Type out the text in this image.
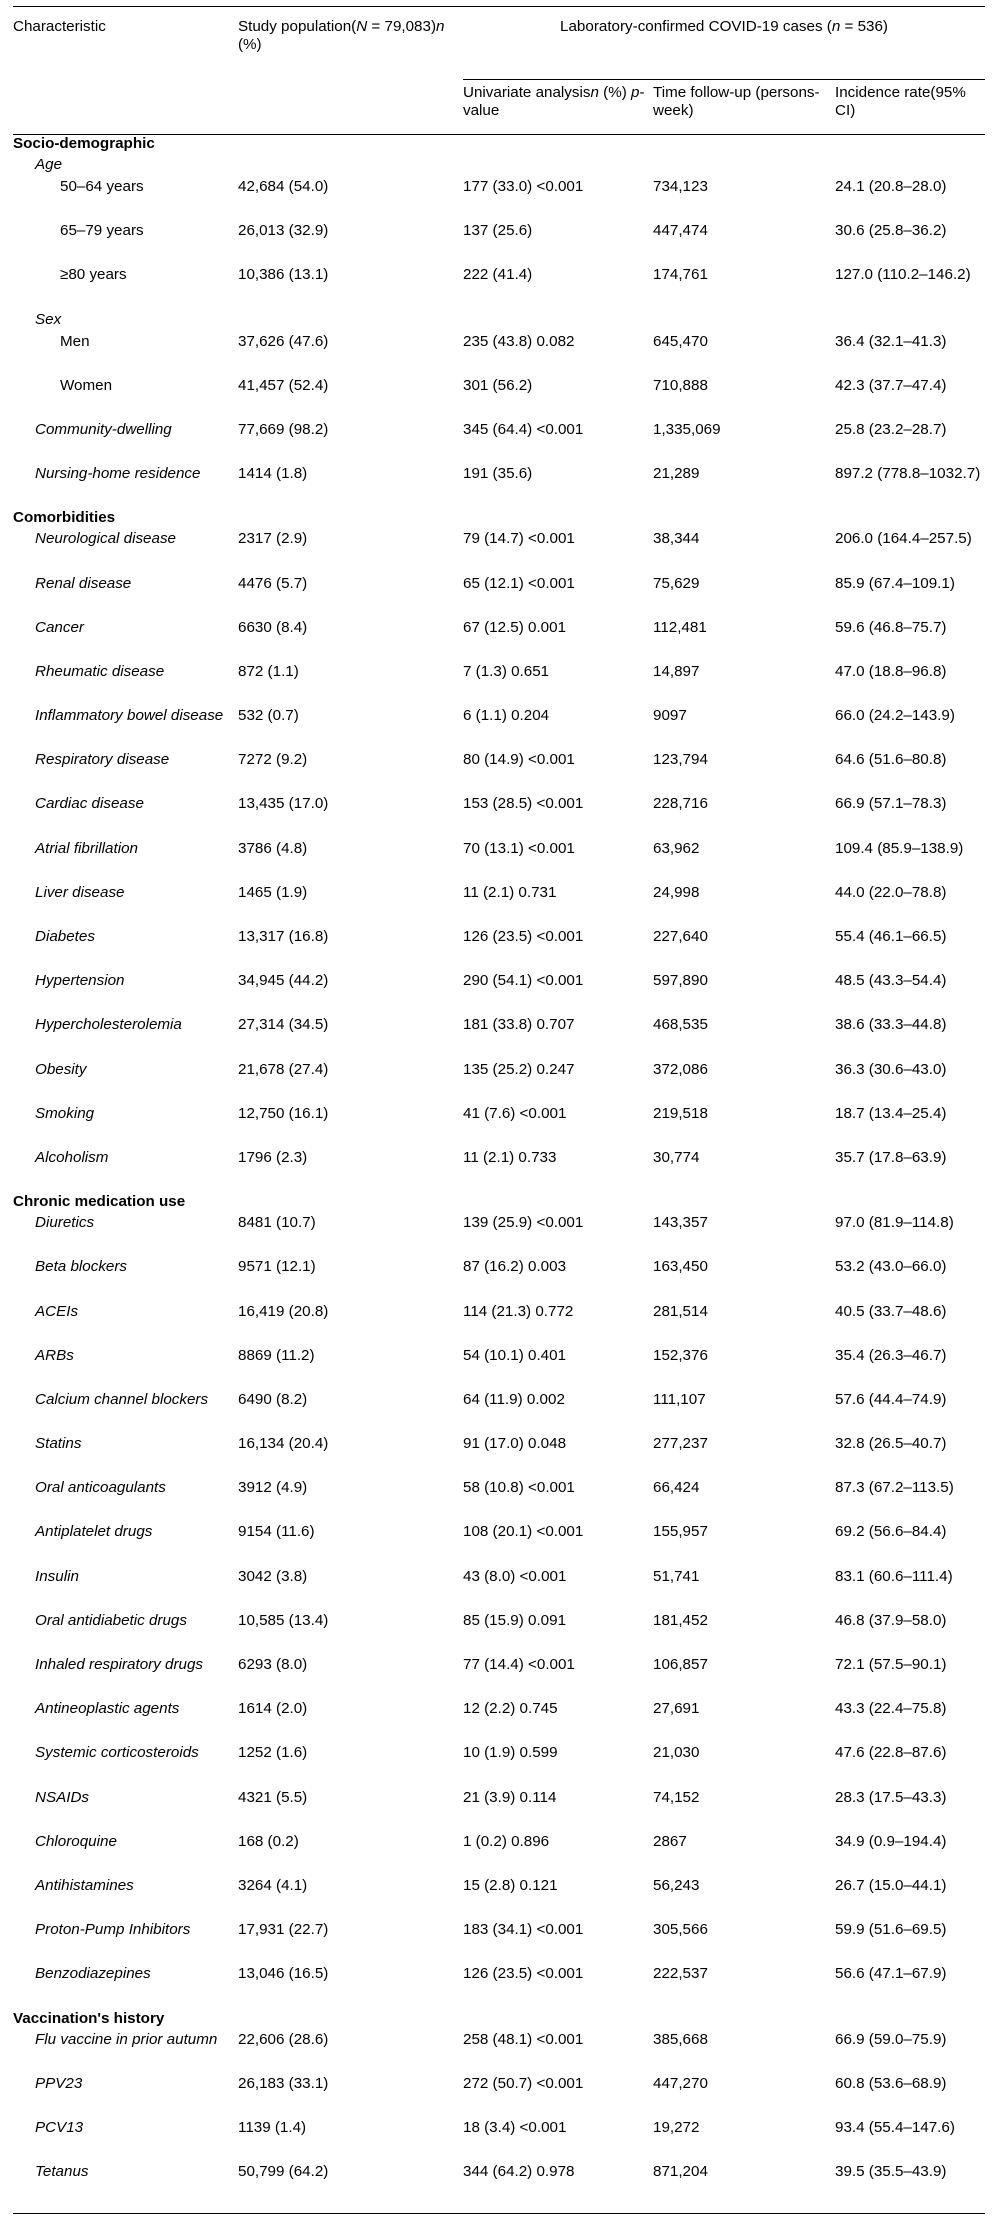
Characteristic	Study population(N = 79,083)n (%)	Laboratory-confirmed COVID-19 cases (n = 536)		
		Univariate analysisn (%) p-value	Time follow-up (persons-week)	Incidence rate(95% CI)
Socio-demographic				
Age				
50–64 years	42,684 (54.0)	177 (33.0) <0.001	734,123	24.1 (20.8–28.0)
65–79 years	26,013 (32.9)	137 (25.6)	447,474	30.6 (25.8–36.2)
≥80 years	10,386 (13.1)	222 (41.4)	174,761	127.0 (110.2–146.2)
Sex				
Men	37,626 (47.6)	235 (43.8) 0.082	645,470	36.4 (32.1–41.3)
Women	41,457 (52.4)	301 (56.2)	710,888	42.3 (37.7–47.4)
Community-dwelling	77,669 (98.2)	345 (64.4) <0.001	1,335,069	25.8 (23.2–28.7)
Nursing-home residence	1414 (1.8)	191 (35.6)	21,289	897.2 (778.8–1032.7)
Comorbidities				
Neurological disease	2317 (2.9)	79 (14.7) <0.001	38,344	206.0 (164.4–257.5)
Renal disease	4476 (5.7)	65 (12.1) <0.001	75,629	85.9 (67.4–109.1)
Cancer	6630 (8.4)	67 (12.5) 0.001	112,481	59.6 (46.8–75.7)
Rheumatic disease	872 (1.1)	7 (1.3) 0.651	14,897	47.0 (18.8–96.8)
Inflammatory bowel disease	532 (0.7)	6 (1.1) 0.204	9097	66.0 (24.2–143.9)
Respiratory disease	7272 (9.2)	80 (14.9) <0.001	123,794	64.6 (51.6–80.8)
Cardiac disease	13,435 (17.0)	153 (28.5) <0.001	228,716	66.9 (57.1–78.3)
Atrial fibrillation	3786 (4.8)	70 (13.1) <0.001	63,962	109.4 (85.9–138.9)
Liver disease	1465 (1.9)	11 (2.1) 0.731	24,998	44.0 (22.0–78.8)
Diabetes	13,317 (16.8)	126 (23.5) <0.001	227,640	55.4 (46.1–66.5)
Hypertension	34,945 (44.2)	290 (54.1) <0.001	597,890	48.5 (43.3–54.4)
Hypercholesterolemia	27,314 (34.5)	181 (33.8) 0.707	468,535	38.6 (33.3–44.8)
Obesity	21,678 (27.4)	135 (25.2) 0.247	372,086	36.3 (30.6–43.0)
Smoking	12,750 (16.1)	41 (7.6) <0.001	219,518	18.7 (13.4–25.4)
Alcoholism	1796 (2.3)	11 (2.1) 0.733	30,774	35.7 (17.8–63.9)
Chronic medication use				
Diuretics	8481 (10.7)	139 (25.9) <0.001	143,357	97.0 (81.9–114.8)
Beta blockers	9571 (12.1)	87 (16.2) 0.003	163,450	53.2 (43.0–66.0)
ACEIs	16,419 (20.8)	114 (21.3) 0.772	281,514	40.5 (33.7–48.6)
ARBs	8869 (11.2)	54 (10.1) 0.401	152,376	35.4 (26.3–46.7)
Calcium channel blockers	6490 (8.2)	64 (11.9) 0.002	111,107	57.6 (44.4–74.9)
Statins	16,134 (20.4)	91 (17.0) 0.048	277,237	32.8 (26.5–40.7)
Oral anticoagulants	3912 (4.9)	58 (10.8) <0.001	66,424	87.3 (67.2–113.5)
Antiplatelet drugs	9154 (11.6)	108 (20.1) <0.001	155,957	69.2 (56.6–84.4)
Insulin	3042 (3.8)	43 (8.0) <0.001	51,741	83.1 (60.6–111.4)
Oral antidiabetic drugs	10,585 (13.4)	85 (15.9) 0.091	181,452	46.8 (37.9–58.0)
Inhaled respiratory drugs	6293 (8.0)	77 (14.4) <0.001	106,857	72.1 (57.5–90.1)
Antineoplastic agents	1614 (2.0)	12 (2.2) 0.745	27,691	43.3 (22.4–75.8)
Systemic corticosteroids	1252 (1.6)	10 (1.9) 0.599	21,030	47.6 (22.8–87.6)
NSAIDs	4321 (5.5)	21 (3.9) 0.114	74,152	28.3 (17.5–43.3)
Chloroquine	168 (0.2)	1 (0.2) 0.896	2867	34.9 (0.9–194.4)
Antihistamines	3264 (4.1)	15 (2.8) 0.121	56,243	26.7 (15.0–44.1)
Proton-Pump Inhibitors	17,931 (22.7)	183 (34.1) <0.001	305,566	59.9 (51.6–69.5)
Benzodiazepines	13,046 (16.5)	126 (23.5) <0.001	222,537	56.6 (47.1–67.9)
Vaccination's history				
Flu vaccine in prior autumn	22,606 (28.6)	258 (48.1) <0.001	385,668	66.9 (59.0–75.9)
PPV23	26,183 (33.1)	272 (50.7) <0.001	447,270	60.8 (53.6–68.9)
PCV13	1139 (1.4)	18 (3.4) <0.001	19,272	93.4 (55.4–147.6)
Tetanus	50,799 (64.2)	344 (64.2) 0.978	871,204	39.5 (35.5–43.9)
